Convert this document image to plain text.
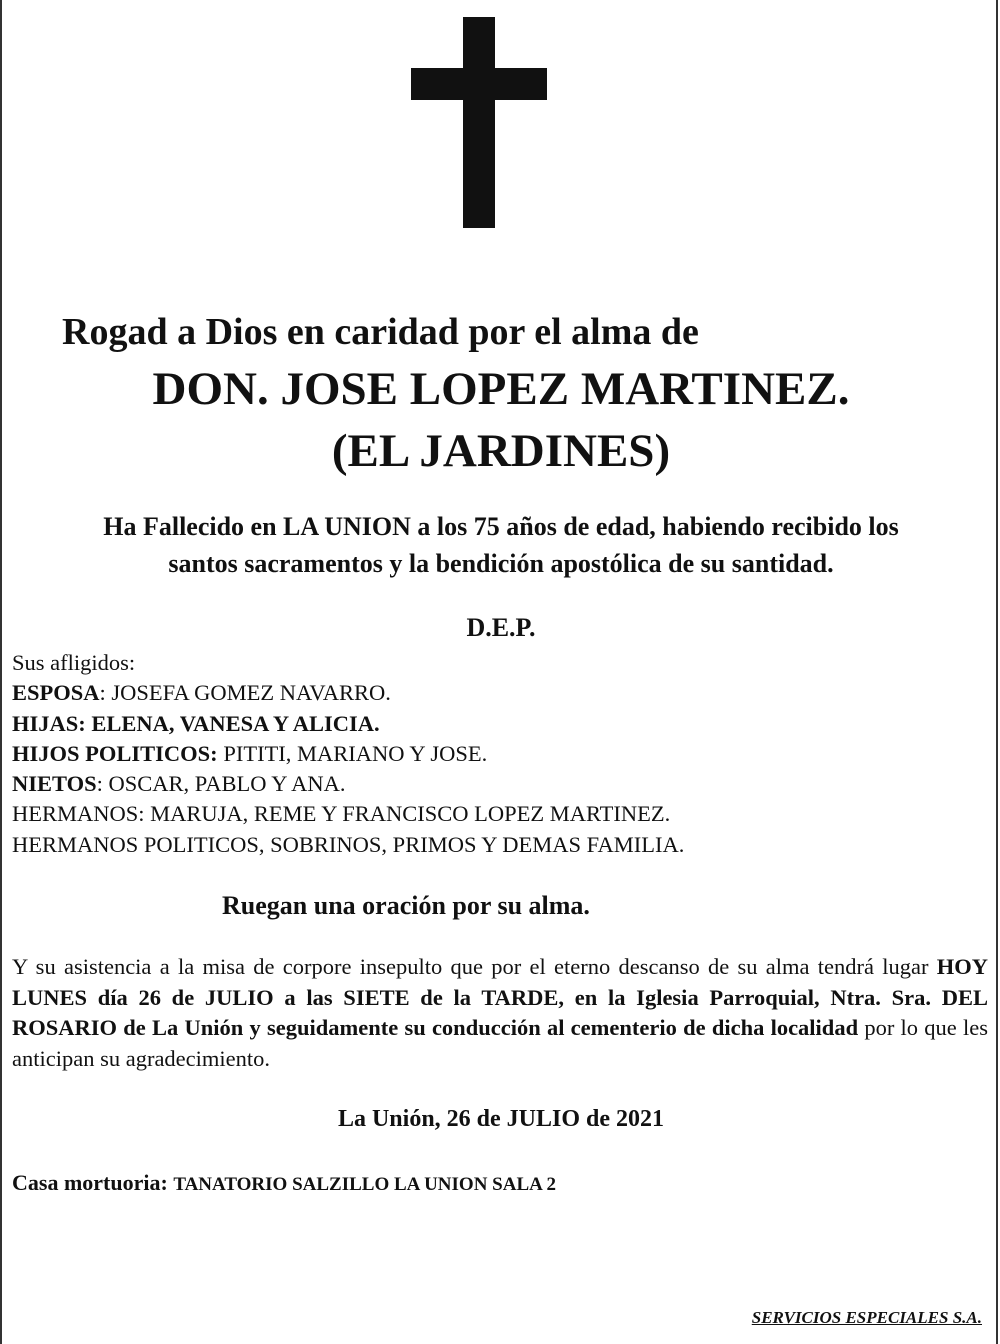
Rogad a Dios en caridad por el alma de
DON. JOSE LOPEZ MARTINEZ.
(EL JARDINES)
Ha Fallecido en LA UNION a los 75 años de edad, habiendo recibido los
santos sacramentos y la bendición apostólica de su santidad.
D.E.P.
Sus afligidos:
ESPOSA: JOSEFA GOMEZ NAVARRO.
HIJAS: ELENA, VANESA Y ALICIA.
HIJOS POLITICOS: PITITI, MARIANO Y JOSE.
NIETOS: OSCAR, PABLO Y ANA.
HERMANOS: MARUJA, REME Y FRANCISCO LOPEZ MARTINEZ.
HERMANOS POLITICOS, SOBRINOS, PRIMOS Y DEMAS FAMILIA.
Ruegan una oración por su alma.
Y su asistencia a la misa de corpore insepulto que por el eterno descanso de su alma tendrá lugar HOY LUNES día 26 de JULIO a las SIETE de la TARDE, en la Iglesia Parroquial, Ntra. Sra. DEL ROSARIO de La Unión y seguidamente su conducción al cementerio de dicha localidad por lo que les anticipan su agradecimiento.
La Unión, 26 de JULIO de 2021
Casa mortuoria: TANATORIO SALZILLO LA UNION SALA 2
SERVICIOS ESPECIALES S.A.
